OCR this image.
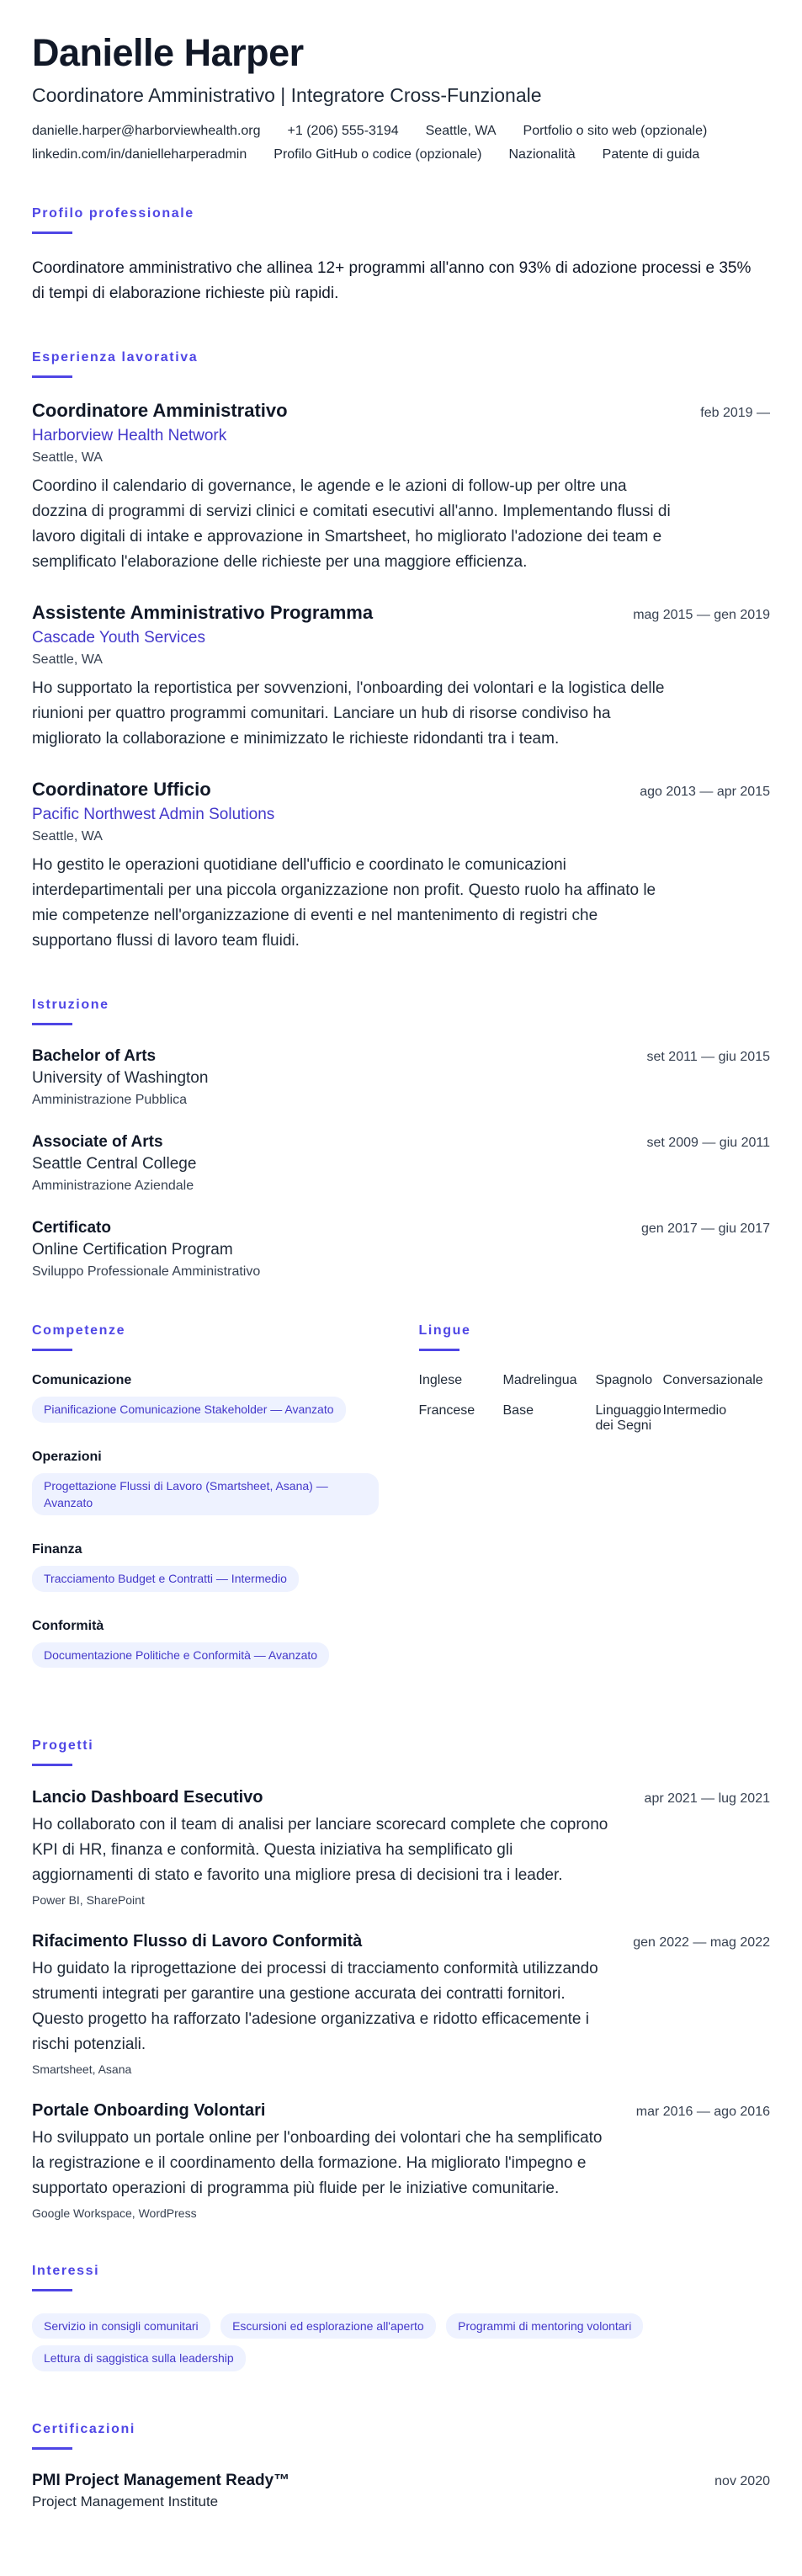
Danielle Harper
Coordinatore Amministrativo | Integratore Cross-Funzionale
danielle.harper@harborviewhealth.org +1 (206) 555-3194 Seattle, WA Portfolio o sito web (opzionale)
linkedin.com/in/danielleharperadmin Profilo GitHub o codice (opzionale) Nazionalità Patente di guida
Profilo professionale

Coordinatore amministrativo che allinea 12+ programmi all'anno con 93% di adozione processi e 35% di tempi di elaborazione richieste più rapidi.

Esperienza lavorativa
Coordinatore Amministrativo	feb 2019 —
Harborview Health Network
Seattle, WA
Coordino il calendario di governance, le agende e le azioni di follow-up per oltre una dozzina di programmi di servizi clinici e comitati esecutivi all'anno. Implementando flussi di lavoro digitali di intake e approvazione in Smartsheet, ho migliorato l'adozione dei team e semplificato l'elaborazione delle richieste per una maggiore efficienza.
Assistente Amministrativo Programma	mag 2015 — gen 2019
Cascade Youth Services
Seattle, WA
Ho supportato la reportistica per sovvenzioni, l'onboarding dei volontari e la logistica delle riunioni per quattro programmi comunitari. Lanciare un hub di risorse condiviso ha migliorato la collaborazione e minimizzato le richieste ridondanti tra i team.
Coordinatore Ufficio	ago 2013 — apr 2015
Pacific Northwest Admin Solutions
Seattle, WA
Ho gestito le operazioni quotidiane dell'ufficio e coordinato le comunicazioni interdepartimentali per una piccola organizzazione non profit. Questo ruolo ha affinato le mie competenze nell'organizzazione di eventi e nel mantenimento di registri che supportano flussi di lavoro team fluidi.
Istruzione
Bachelor of Arts	set 2011 — giu 2015
University of Washington
Amministrazione Pubblica
Associate of Arts	set 2009 — giu 2011
Seattle Central College
Amministrazione Aziendale
Certificato	gen 2017 — giu 2017
Online Certification Program
Sviluppo Professionale Amministrativo
Competenze
Comunicazione
Pianificazione Comunicazione Stakeholder — Avanzato
Operazioni
Progettazione Flussi di Lavoro (Smartsheet, Asana) — Avanzato
Finanza
Tracciamento Budget e Contratti — Intermedio
Conformità
Documentazione Politiche e Conformità — Avanzato
Lingue
Inglese	Madrelingua	Spagnolo	Conversazionale
Francese	Base	Linguaggio dei Segni	Intermedio
Progetti
Lancio Dashboard Esecutivo	apr 2021 — lug 2021
Ho collaborato con il team di analisi per lanciare scorecard complete che coprono KPI di HR, finanza e conformità. Questa iniziativa ha semplificato gli aggiornamenti di stato e favorito una migliore presa di decisioni tra i leader.
Power BI, SharePoint
Rifacimento Flusso di Lavoro Conformità	gen 2022 — mag 2022
Ho guidato la riprogettazione dei processi di tracciamento conformità utilizzando strumenti integrati per garantire una gestione accurata dei contratti fornitori. Questo progetto ha rafforzato l'adesione organizzativa e ridotto efficacemente i rischi potenziali.
Smartsheet, Asana
Portale Onboarding Volontari	mar 2016 — ago 2016
Ho sviluppato un portale online per l'onboarding dei volontari che ha semplificato la registrazione e il coordinamento della formazione. Ha migliorato l'impegno e supportato operazioni di programma più fluide per le iniziative comunitarie.
Google Workspace, WordPress
Interessi
Servizio in consigli comunitari	Escursioni ed esplorazione all'aperto	Programmi di mentoring volontari Lettura di saggistica sulla leadership
Certificazioni
PMI Project Management Ready™	nov 2020
Project Management Institute
